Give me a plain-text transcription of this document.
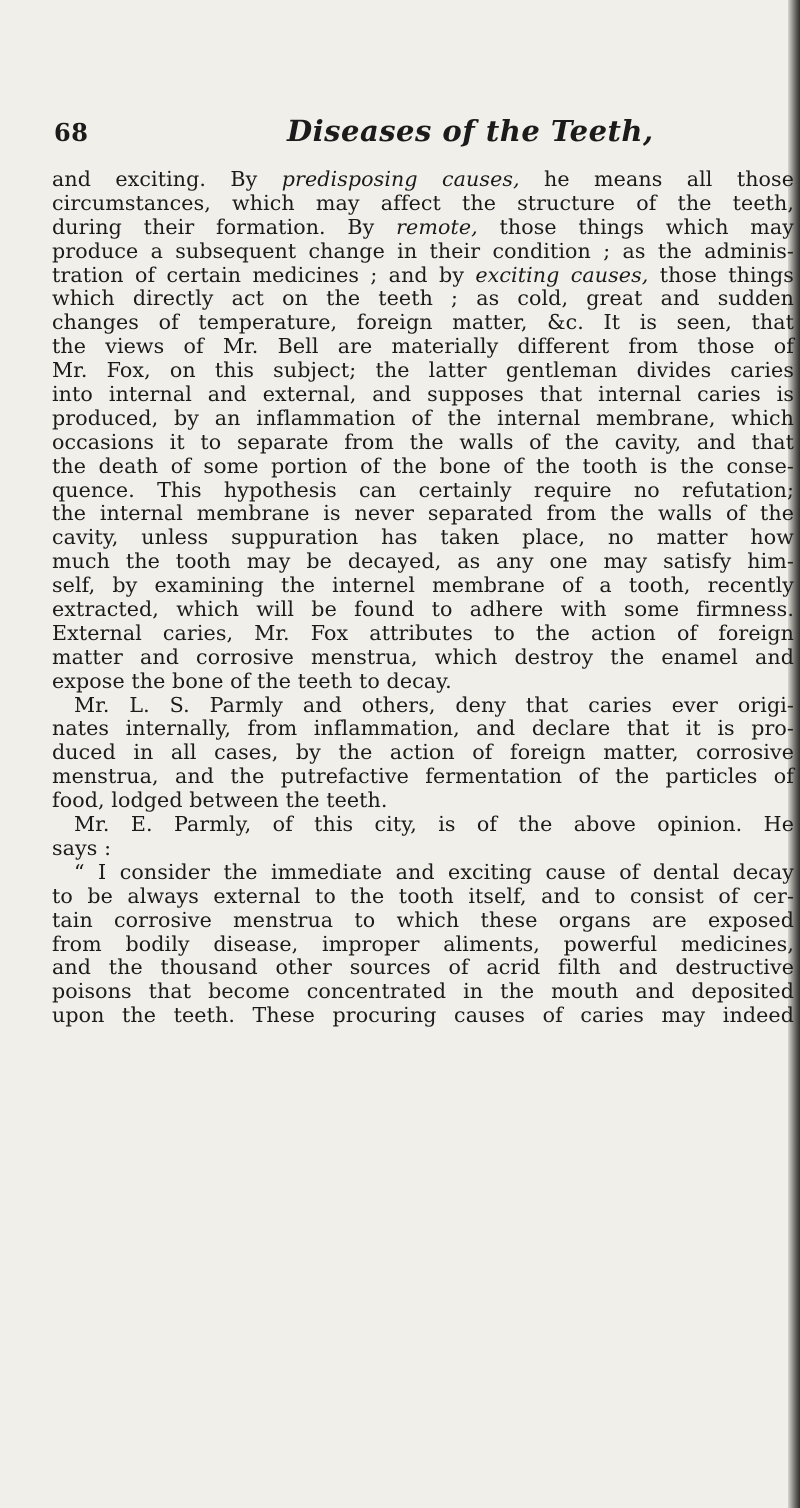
68	Diseases of the Teeth,
and exciting. By predisposing causes, he means all those
circumstances, which may affect the structure of the teeth,
during their formation. By remote, those things which may
produce a subsequent change in their condition ; as the adminis-
tration of certain medicines ; and by exciting causes, those things
which directly act on the teeth ; as cold, great and sudden
changes of temperature, foreign matter, &c. It is seen, that
the views of Mr. Bell are materially different from those of
Mr. Fox, on this subject; the latter gentleman divides caries
into internal and external, and supposes that internal caries is
produced, by an inflammation of the internal membrane, which
occasions it to separate from the walls of the cavity, and that
the death of some portion of the bone of the tooth is the conse-
quence. This hypothesis can certainly require no refutation;
the internal membrane is never separated from the walls of the
cavity, unless suppuration has taken place, no matter how
much the tooth may be decayed, as any one may satisfy him-
self, by examining the internel membrane of a tooth, recently
extracted, which will be found to adhere with some firmness.
External caries, Mr. Fox attributes to the action of foreign
matter and corrosive menstrua, which destroy the enamel and
expose the bone of the teeth to decay.
Mr. L. S. Parmly and others, deny that caries ever origi-
nates internally, from inflammation, and declare that it is pro-
duced in all cases, by the action of foreign matter, corrosive
menstrua, and the putrefactive fermentation of the particles of
food, lodged between the teeth.
Mr. E. Parmly, of this city, is of the above opinion. He
says :
“ I consider the immediate and exciting cause of dental decay
to be always external to the tooth itself, and to consist of cer-
tain corrosive menstrua to which these organs are exposed
from bodily disease, improper aliments, powerful medicines,
and the thousand other sources of acrid filth and destructive
poisons that become concentrated in the mouth and deposited
upon the teeth. These procuring causes of caries may indeed
